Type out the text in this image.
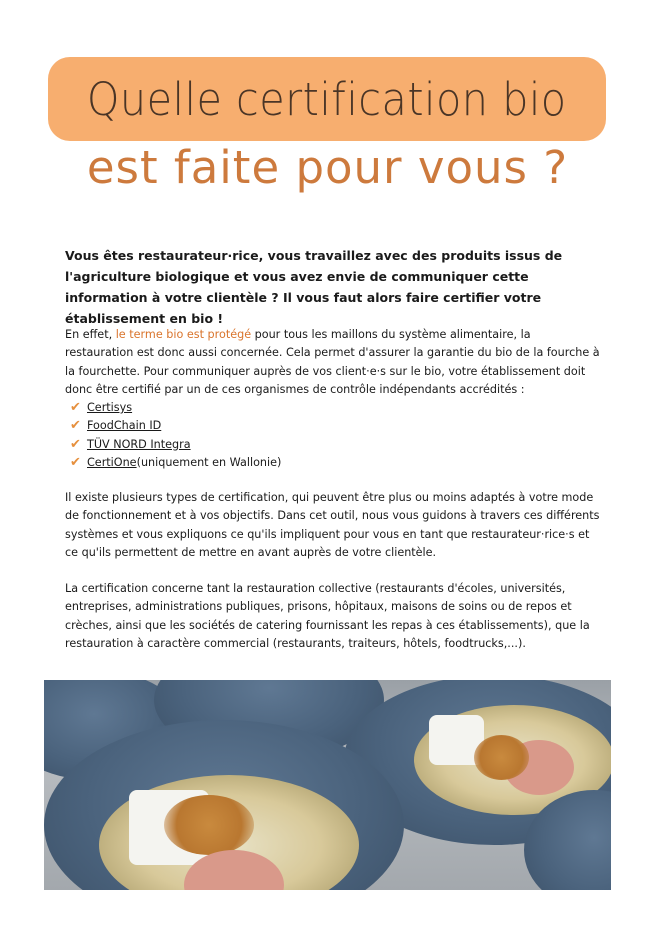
Quelle certification bio
est faite pour vous ?
Vous êtes restaurateur·rice, vous travaillez avec des produits issus de l'agriculture biologique et vous avez envie de communiquer cette information à votre clientèle ? Il vous faut alors faire certifier votre établissement en bio !

En effet, le terme bio est protégé pour tous les maillons du système alimentaire, la restauration est donc aussi concernée. Cela permet d'assurer la garantie du bio de la fourche à la fourchette. Pour communiquer auprès de vos client·e·s sur le bio, votre établissement doit donc être certifié par un de ces organismes de contrôle indépendants accrédités :

✔ Certisys
✔ FoodChain ID
✔ TÜV NORD Integra
✔ CertiOne (uniquement en Wallonie)

Il existe plusieurs types de certification, qui peuvent être plus ou moins adaptés à votre mode de fonctionnement et à vos objectifs. Dans cet outil, nous vous guidons à travers ces différents systèmes et vous expliquons ce qu'ils impliquent pour vous en tant que restaurateur·rice·s et ce qu'ils permettent de mettre en avant auprès de votre clientèle.

La certification concerne tant la restauration collective (restaurants d'écoles, universités, entreprises, administrations publiques, prisons, hôpitaux, maisons de soins ou de repos et crèches, ainsi que les sociétés de catering fournissant les repas à ces établissements), que la restauration à caractère commercial (restaurants, traiteurs, hôtels, foodtrucks,...).
